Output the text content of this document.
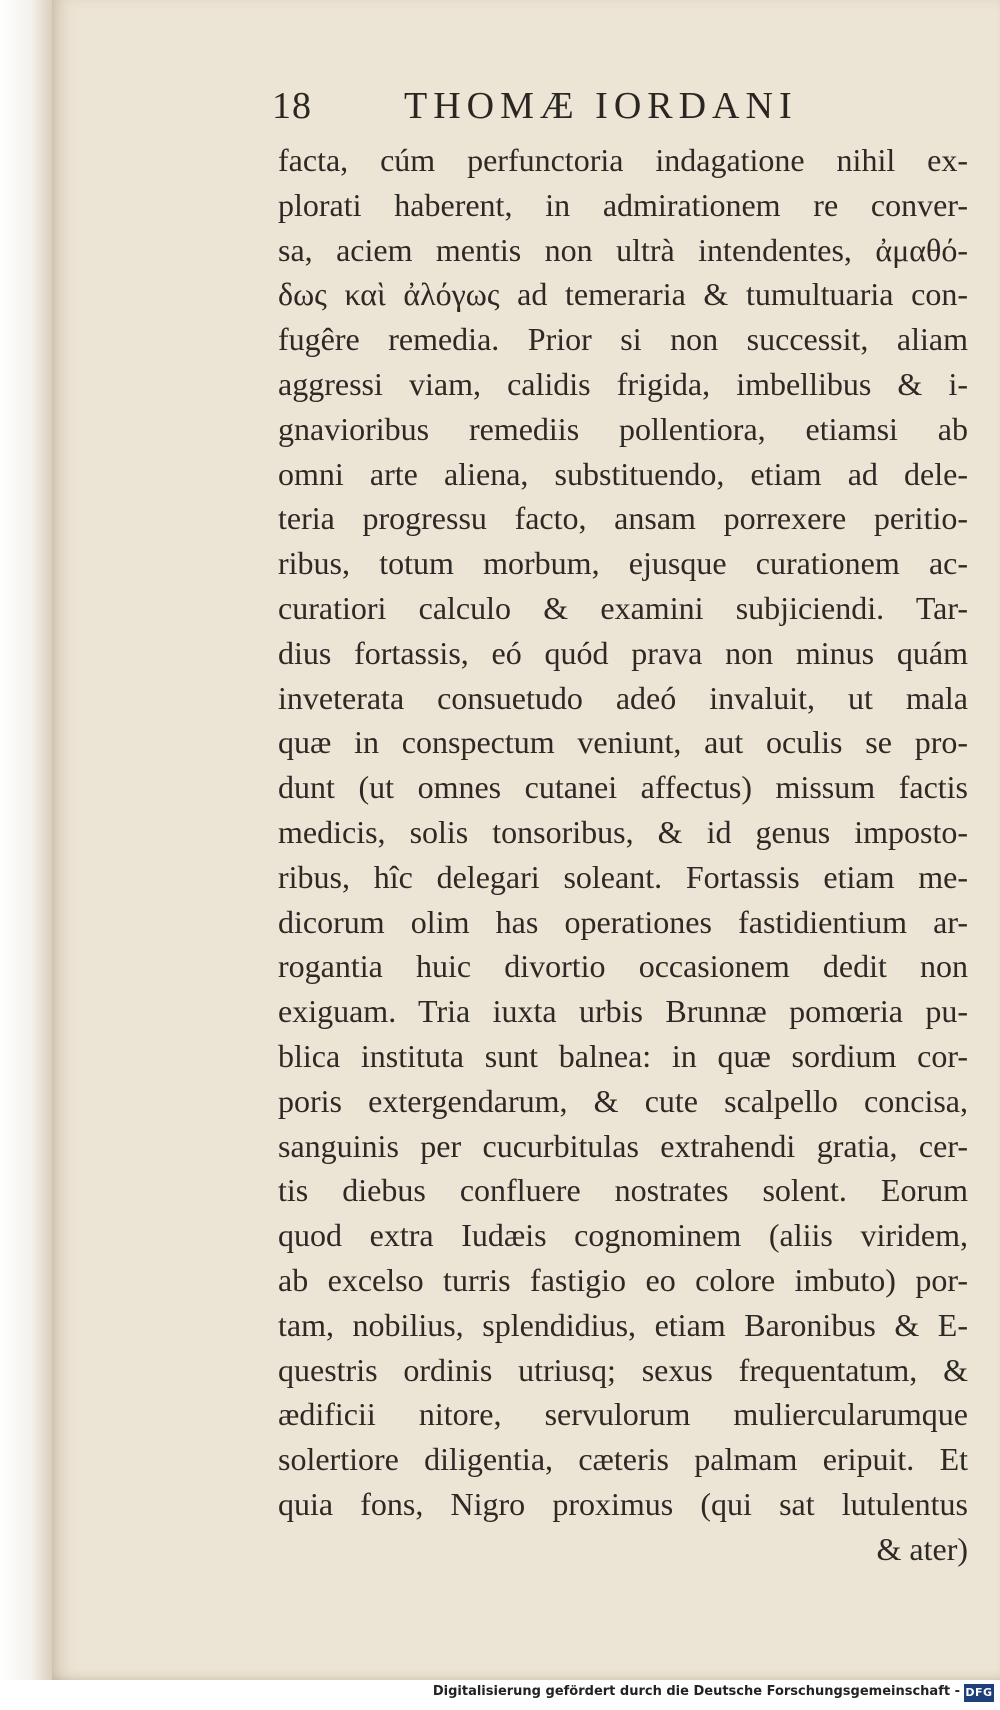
18 THOMÆ IORDANI
facta, cúm perfunctoria indagatione nihil ex-
plorati haberent, in admirationem re conver-
sa, aciem mentis non ultrà intendentes, ἀμαθό-
δως καὶ ἀλόγως ad temeraria & tumultuaria con-
fugêre remedia. Prior si non successit, aliam
aggressi viam, calidis frigida, imbellibus & i-
gnavioribus remediis pollentiora, etiamsi ab
omni arte aliena, substituendo, etiam ad dele-
teria progressu facto, ansam porrexere peritio-
ribus, totum morbum, ejusque curationem ac-
curatiori calculo & examini subjiciendi. Tar-
dius fortassis, eó quód prava non minus quám
inveterata consuetudo adeó invaluit, ut mala
quæ in conspectum veniunt, aut oculis se pro-
dunt (ut omnes cutanei affectus) missum factis
medicis, solis tonsoribus, & id genus imposto-
ribus, hîc delegari soleant. Fortassis etiam me-
dicorum olim has operationes fastidientium ar-
rogantia huic divortio occasionem dedit non
exiguam. Tria iuxta urbis Brunnæ pomœria pu-
blica instituta sunt balnea: in quæ sordium cor-
poris extergendarum, & cute scalpello concisa,
sanguinis per cucurbitulas extrahendi gratia, cer-
tis diebus confluere nostrates solent. Eorum
quod extra Iudæis cognominem (aliis viridem,
ab excelso turris fastigio eo colore imbuto) por-
tam, nobilius, splendidius, etiam Baronibus & E-
questris ordinis utriusq; sexus frequentatum, &
ædificii nitore, servulorum muliercularumque
solertiore diligentia, cæteris palmam eripuit. Et
quia fons, Nigro proximus (qui sat lutulentus
& ater)
Digitalisierung gefördert durch die Deutsche Forschungsgemeinschaft - DFG
